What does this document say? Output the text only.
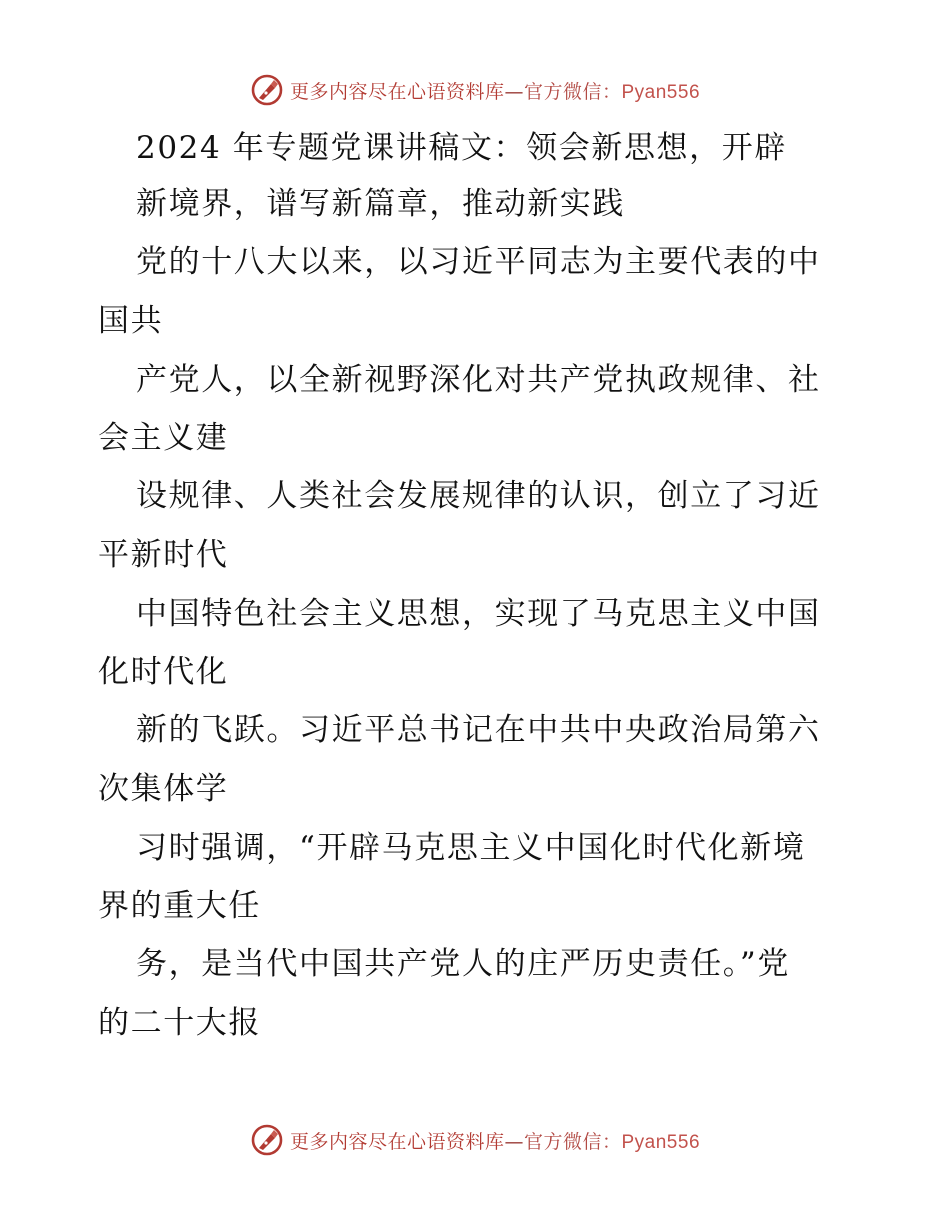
更多内容尽在心语资料库—官方微信：Pyan556
2024 年专题党课讲稿文：领会新思想，开辟
新境界，谱写新篇章，推动新实践
党的十八大以来，以习近平同志为主要代表的中
国共
产党人，以全新视野深化对共产党执政规律、社
会主义建
设规律、人类社会发展规律的认识，创立了习近
平新时代
中国特色社会主义思想，实现了马克思主义中国
化时代化
新的飞跃。习近平总书记在中共中央政治局第六
次集体学
习时强调，“开辟马克思主义中国化时代化新境
界的重大任
务，是当代中国共产党人的庄严历史责任。”党
的二十大报
更多内容尽在心语资料库—官方微信：Pyan556
